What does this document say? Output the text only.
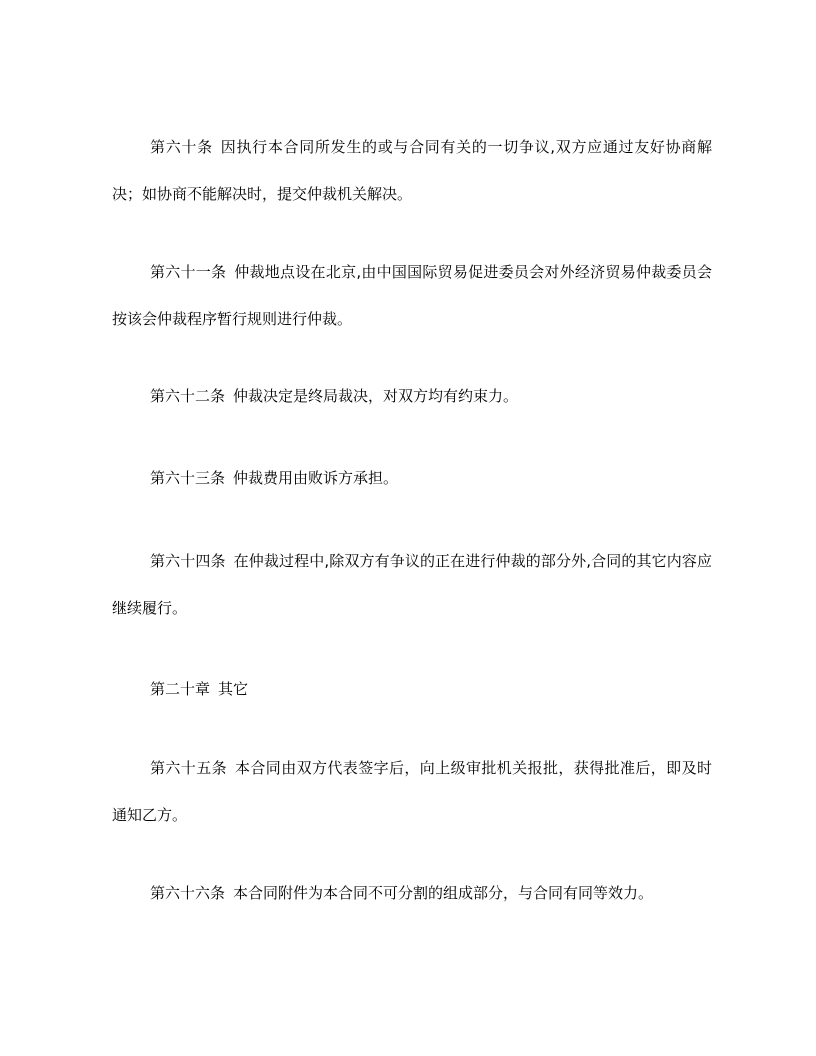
第六十条 因执行本合同所发生的或与合同有关的一切争议,双方应通过友好协商解决；如协商不能解决时，提交仲裁机关解决。

第六十一条 仲裁地点设在北京,由中国国际贸易促进委员会对外经济贸易仲裁委员会按该会仲裁程序暂行规则进行仲裁。

第六十二条 仲裁决定是终局裁决，对双方均有约束力。

第六十三条 仲裁费用由败诉方承担。

第六十四条 在仲裁过程中,除双方有争议的正在进行仲裁的部分外,合同的其它内容应继续履行。

第二十章 其它

第六十五条 本合同由双方代表签字后，向上级审批机关报批，获得批准后，即及时通知乙方。

第六十六条 本合同附件为本合同不可分割的组成部分，与合同有同等效力。
